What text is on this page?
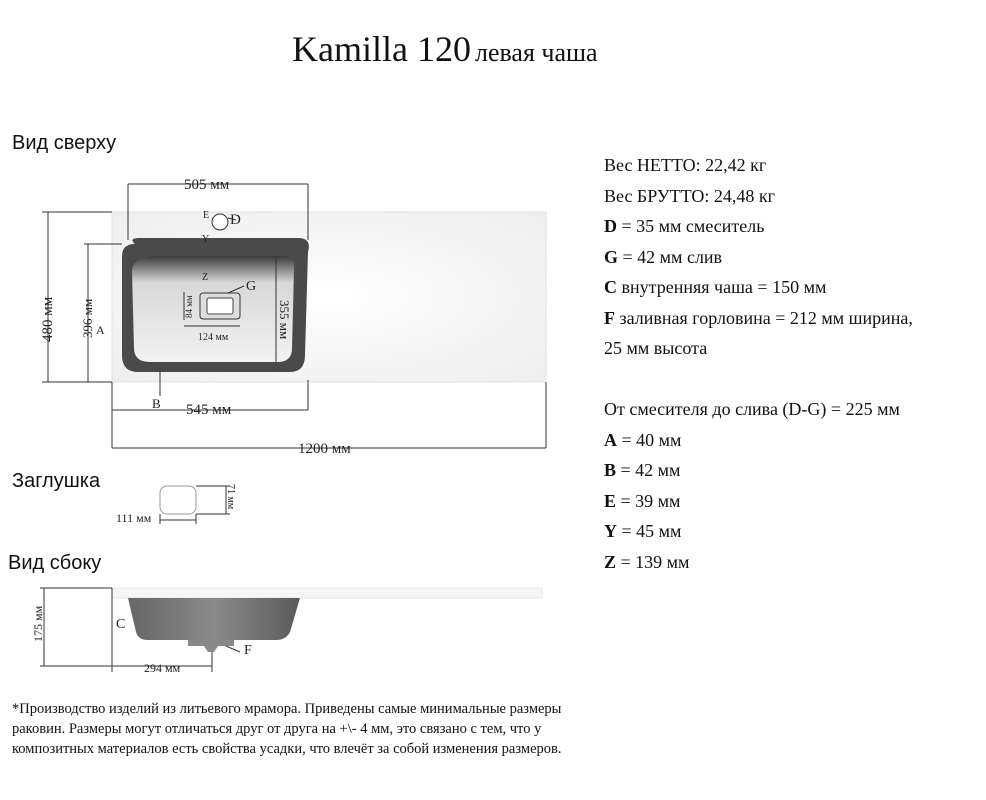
Kamilla 120 левая чаша
Вид сверху
Заглушка
Вид сбоку
505 мм
480 мм 396 мм	355 мм
124 мм
84 мм
545 мм
1200 мм
A
B
D
E
G
Y
Z
111 мм
71 мм
175 мм
294 мм
C
F
Вес НЕТТО: 22,42 кг
Вес БРУТТО: 24,48 кг
D = 35 мм смеситель
G = 42 мм слив
C внутренняя чаша = 150 мм
F заливная горловина = 212 мм ширина,
25 мм высота
От смесителя до слива (D-G) = 225 мм
A = 40 мм
B = 42 мм
E = 39 мм
Y = 45 мм
Z = 139 мм
*Производство изделий из литьевого мрамора. Приведены самые минимальные размеры раковин. Размеры могут отличаться друг от друга на +\- 4 мм, это связано с тем, что у композитных материалов есть свойства усадки, что влечёт за собой изменения размеров.
